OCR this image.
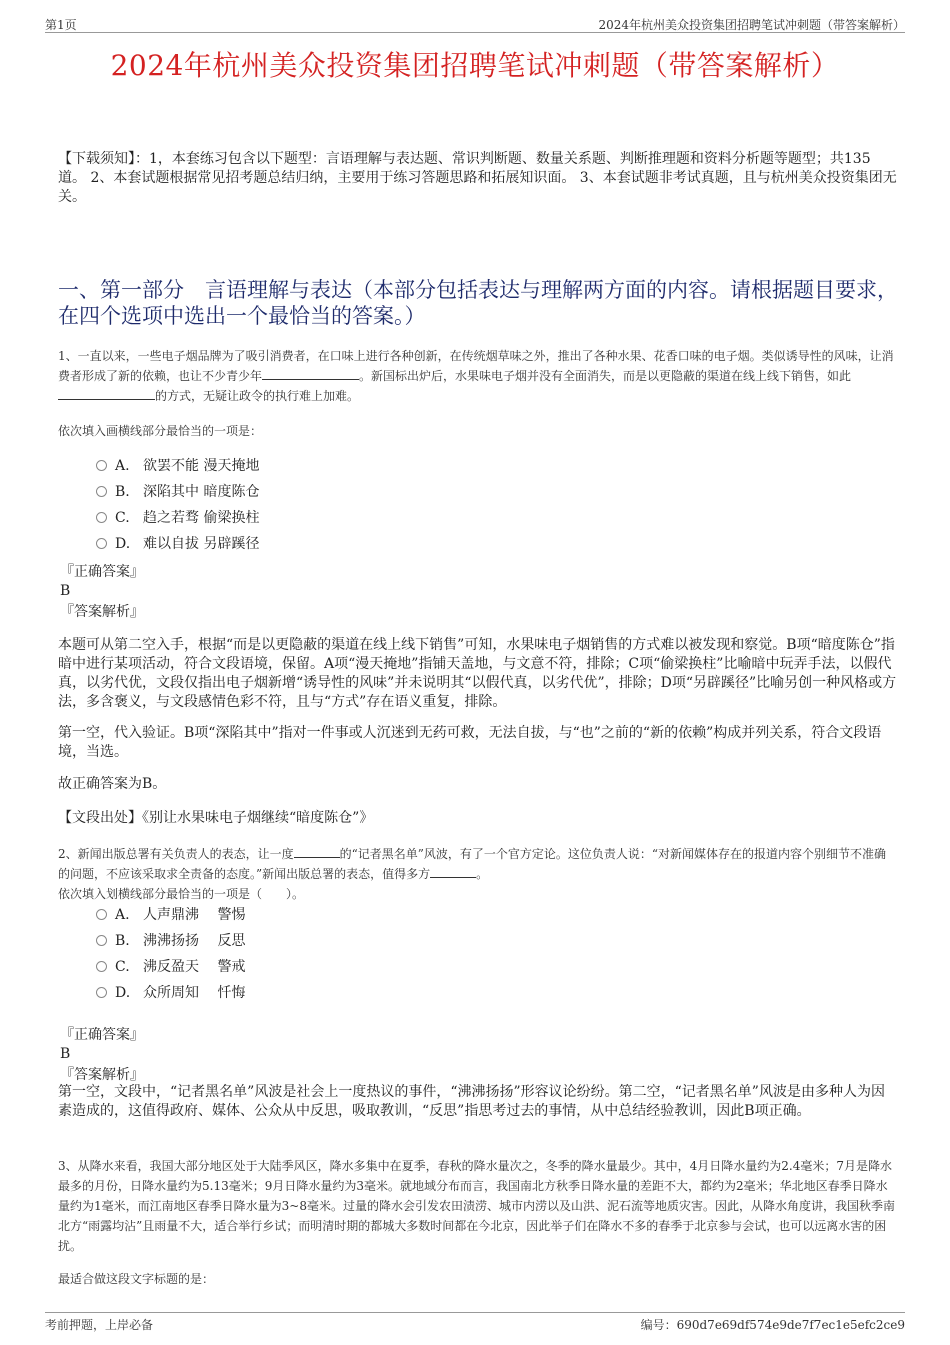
第1页	2024年杭州美众投资集团招聘笔试冲刺题（带答案解析）
2024年杭州美众投资集团招聘笔试冲刺题（带答案解析）
【下载须知】：1，本套练习包含以下题型：言语理解与表达题、常识判断题、数量关系题、判断推理题和资料分析题等题型；共135道。 2、本套试题根据常见招考题总结归纳，主要用于练习答题思路和拓展知识面。 3、本套试题非考试真题，且与杭州美众投资集团无关。
一、第一部分　言语理解与表达（本部分包括表达与理解两方面的内容。请根据题目要求，在四个选项中选出一个最恰当的答案。）
1、一直以来，一些电子烟品牌为了吸引消费者，在口味上进行各种创新，在传统烟草味之外，推出了各种水果、花香口味的电子烟。类似诱导性的风味，让消费者形成了新的依赖，也让不少青少年	。新国标出炉后，水果味电子烟并没有全面消失，而是以更隐蔽的渠道在线上线下销售，如此的方式，无疑让政令的执行难上加难。
依次填入画横线部分最恰当的一项是：
A. 欲罢不能 漫天掩地
B. 深陷其中 暗度陈仓
C. 趋之若骛 偷梁换柱
D. 难以自拔 另辟蹊径
『正确答案』
B
『答案解析』
本题可从第二空入手，根据“而是以更隐蔽的渠道在线上线下销售”可知，水果味电子烟销售的方式难以被发现和察觉。B项“暗度陈仓”指暗中进行某项活动，符合文段语境，保留。A项“漫天掩地”指铺天盖地，与文意不符，排除；C项“偷梁换柱”比喻暗中玩弄手法，以假代真，以劣代优，文段仅指出电子烟新增“诱导性的风味”并未说明其“以假代真，以劣代优”，排除；D项“另辟蹊径”比喻另创一种风格或方法，多含褒义，与文段感情色彩不符，且与“方式”存在语义重复，排除。
第一空，代入验证。B项“深陷其中”指对一件事或人沉迷到无药可救，无法自拔，与“也”之前的“新的依赖”构成并列关系，符合文段语境，当选。
故正确答案为B。
【文段出处】《别让水果味电子烟继续“暗度陈仓”》
2、新闻出版总署有关负责人的表态，让一度	的“记者黑名单”风波，有了一个官方定论。这位负责人说：“对新闻媒体存在的报道内容个别细节不准确的问题，不应该采取求全责备的态度。”新闻出版总署的表态，值得多方	。
依次填入划横线部分最恰当的一项是（　　）。
A. 人声鼎沸　 警惕
B. 沸沸扬扬　 反思
C. 沸反盈天　 警戒
D. 众所周知　 忏悔
『正确答案』
B
『答案解析』
第一空，文段中，“记者黑名单”风波是社会上一度热议的事件，“沸沸扬扬”形容议论纷纷。第二空，“记者黑名单”风波是由多种人为因素造成的，这值得政府、媒体、公众从中反思，吸取教训，“反思”指思考过去的事情，从中总结经验教训，因此B项正确。
3、从降水来看，我国大部分地区处于大陆季风区，降水多集中在夏季，春秋的降水量次之，冬季的降水量最少。其中，4月日降水量约为2.4毫米；7月是降水最多的月份，日降水量约为5.13毫米；9月日降水量约为3毫米。就地域分布而言，我国南北方秋季日降水量的差距不大，都约为2毫米；华北地区春季日降水量约为1毫米，而江南地区春季日降水量为3~8毫米。过量的降水会引发农田渍涝、城市内涝以及山洪、泥石流等地质灾害。因此，从降水角度讲，我国秋季南北方“雨露均沾”且雨量不大，适合举行乡试；而明清时期的都城大多数时间都在今北京，因此举子们在降水不多的春季于北京参与会试，也可以远离水害的困扰。
最适合做这段文字标题的是：
考前押题，上岸必备	编号：690d7e69df574e9de7f7ec1e5efc2ce9
